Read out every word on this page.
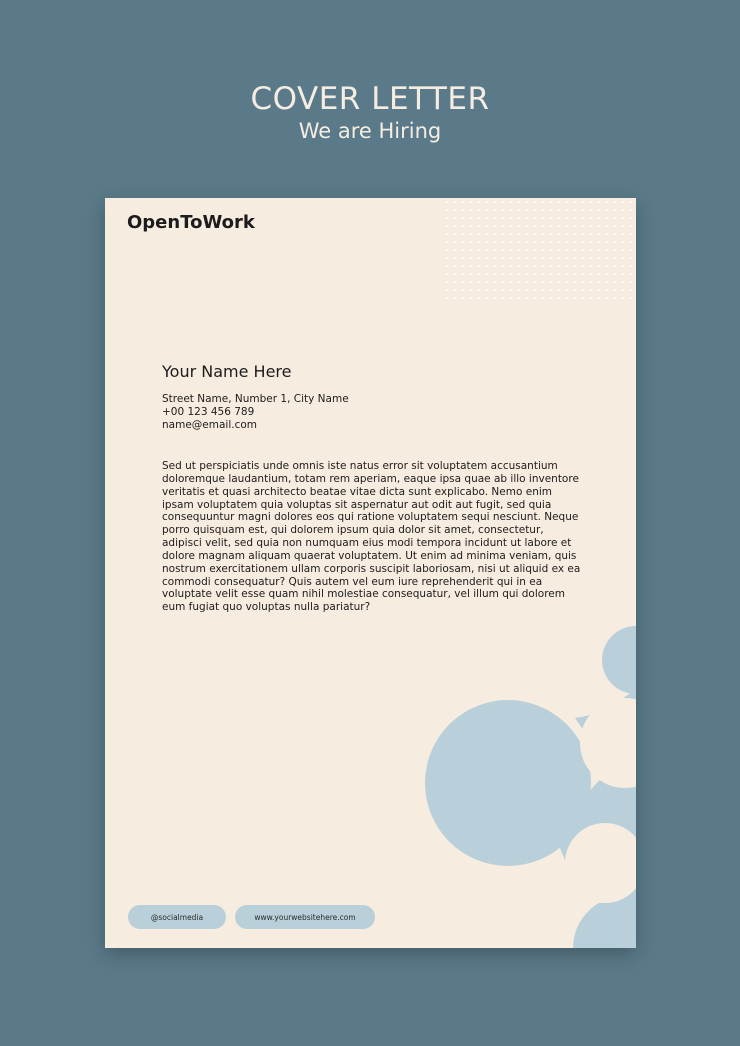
COVER LETTER
We are Hiring
OpenToWork
Your Name Here
Street Name, Number 1, City Name
+00 123 456 789
name@email.com
Sed ut perspiciatis unde omnis iste natus error sit voluptatem accusantium doloremque laudantium, totam rem aperiam, eaque ipsa quae ab illo inventore veritatis et quasi architecto beatae vitae dicta sunt explicabo. Nemo enim ipsam voluptatem quia voluptas sit aspernatur aut odit aut fugit, sed quia consequuntur magni dolores eos qui ratione voluptatem sequi nesciunt. Neque porro quisquam est, qui dolorem ipsum quia dolor sit amet, consectetur, adipisci velit, sed quia non numquam eius modi tempora incidunt ut labore et dolore magnam aliquam quaerat voluptatem. Ut enim ad minima veniam, quis nostrum exercitationem ullam corporis suscipit laboriosam, nisi ut aliquid ex ea commodi consequatur? Quis autem vel eum iure reprehenderit qui in ea voluptate velit esse quam nihil molestiae consequatur, vel illum qui dolorem eum fugiat quo voluptas nulla pariatur?
@socialmedia	www.yourwebsitehere.com
